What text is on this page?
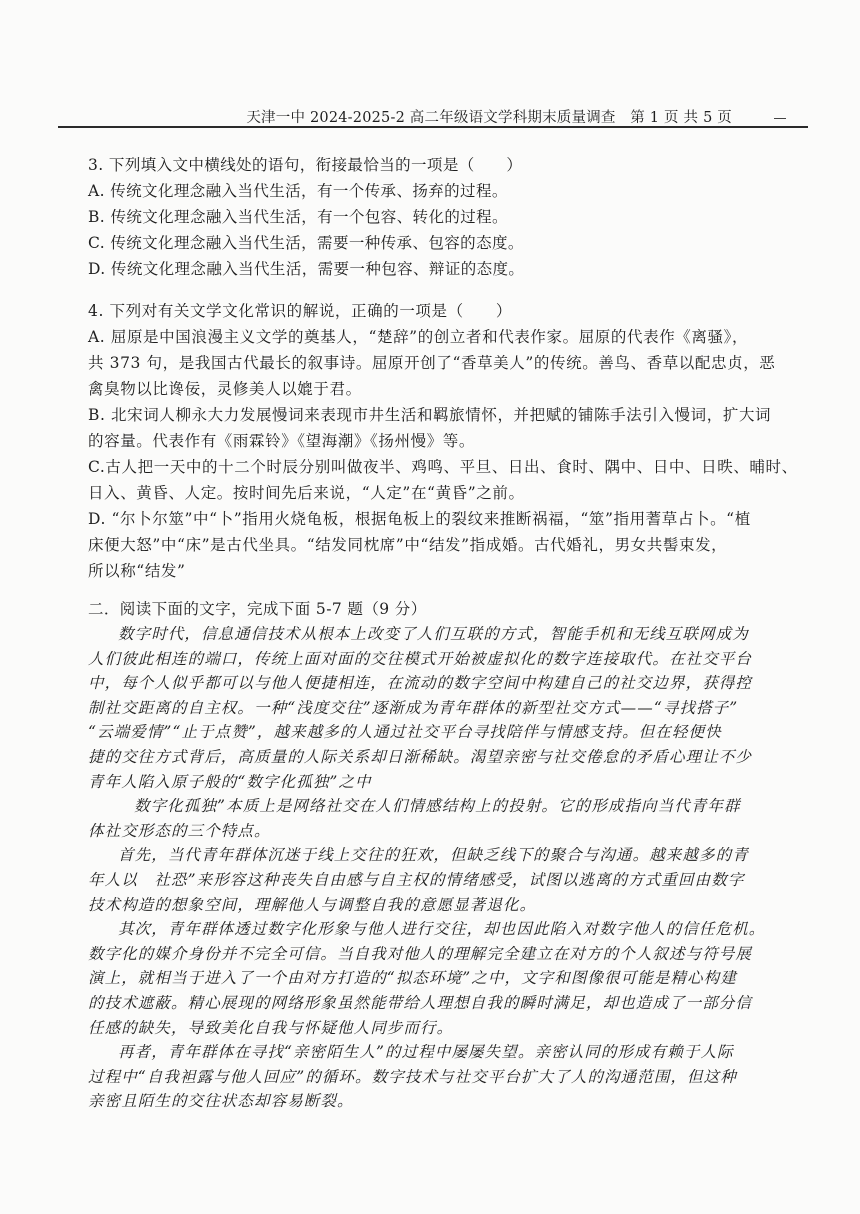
天津一中 2024-2025-2 高二年级语文学科期末质量调查　第 1 页 共 5 页
3. 下列填入文中横线处的语句，衔接最恰当的一项是（　　）
A. 传统文化理念融入当代生活，有一个传承、扬弃的过程。
B. 传统文化理念融入当代生活，有一个包容、转化的过程。
C. 传统文化理念融入当代生活，需要一种传承、包容的态度。
D. 传统文化理念融入当代生活，需要一种包容、辩证的态度。
4. 下列对有关文学文化常识的解说，正确的一项是（　　）
A. 屈原是中国浪漫主义文学的奠基人，“楚辞”的创立者和代表作家。屈原的代表作《离骚》，
共 373 句，是我国古代最长的叙事诗。屈原开创了“香草美人”的传统。善鸟、香草以配忠贞，恶
禽臭物以比谗佞，灵修美人以媲于君。
B. 北宋词人柳永大力发展慢词来表现市井生活和羁旅情怀，并把赋的铺陈手法引入慢词，扩大词
的容量。代表作有《雨霖铃》《望海潮》《扬州慢》等。
C.古人把一天中的十二个时辰分别叫做夜半、鸡鸣、平旦、日出、食时、隅中、日中、日昳、晡时、
日入、黄昏、人定。按时间先后来说，“人定”在“黄昏”之前。
D. “尔卜尔筮”中“卜”指用火烧龟板，根据龟板上的裂纹来推断祸福，“筮”指用蓍草占卜。“植
床便大怒”中“床”是古代坐具。“结发同枕席”中“结发”指成婚。古代婚礼，男女共髻束发，
所以称“结发”
二．阅读下面的文字，完成下面 5-7 题（9 分）
数字时代，信息通信技术从根本上改变了人们互联的方式，智能手机和无线互联网成为
人们彼此相连的端口，传统上面对面的交往模式开始被虚拟化的数字连接取代。在社交平台
中，每个人似乎都可以与他人便捷相连，在流动的数字空间中构建自己的社交边界，获得控
制社交距离的自主权。一种“浅度交往”逐渐成为青年群体的新型社交方式——“寻找搭子”
“云端爱情”“止于点赞”，越来越多的人通过社交平台寻找陪伴与情感支持。但在轻便快
捷的交往方式背后，高质量的人际关系却日渐稀缺。渴望亲密与社交倦怠的矛盾心理让不少
青年人陷入原子般的“数字化孤独”之中
数字化孤独”本质上是网络社交在人们情感结构上的投射。它的形成指向当代青年群
体社交形态的三个特点。
首先，当代青年群体沉迷于线上交往的狂欢，但缺乏线下的聚合与沟通。越来越多的青
年人以　社恐”来形容这种丧失自由感与自主权的情绪感受，试图以逃离的方式重回由数字
技术构造的想象空间，理解他人与调整自我的意愿显著退化。
其次，青年群体透过数字化形象与他人进行交往，却也因此陷入对数字他人的信任危机。
数字化的媒介身份并不完全可信。当自我对他人的理解完全建立在对方的个人叙述与符号展
演上，就相当于进入了一个由对方打造的“拟态环境”之中，文字和图像很可能是精心构建
的技术遮蔽。精心展现的网络形象虽然能带给人理想自我的瞬时满足，却也造成了一部分信
任感的缺失，导致美化自我与怀疑他人同步而行。
再者，青年群体在寻找“亲密陌生人”的过程中屡屡失望。亲密认同的形成有赖于人际
过程中“自我袒露与他人回应”的循环。数字技术与社交平台扩大了人的沟通范围，但这种
亲密且陌生的交往状态却容易断裂。
